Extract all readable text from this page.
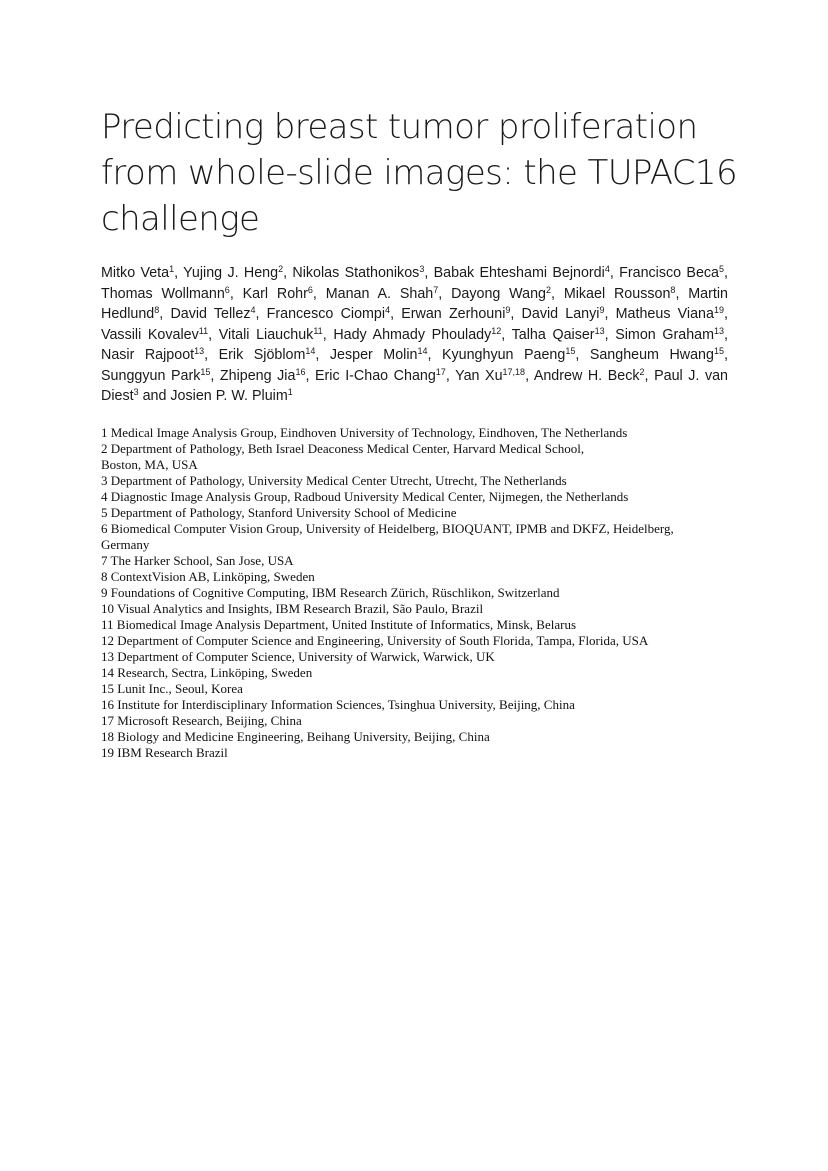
Predicting breast tumor proliferation from whole-slide images: the TUPAC16 challenge

Mitko Veta$^1$, Yujing J. Heng$^2$, Nikolas Stathonikos$^3$, Babak Ehteshami Bejnordi$^4$, Francisco Beca$^5$, Thomas Wollmann$^6$, Karl Rohr$^6$, Manan A. Shah$^7$, Dayong Wang$^2$, Mikael Rousson$^8$, Martin Hedlund$^8$, David Tellez$^4$, Francesco Ciompi$^4$, Erwan Zerhouni$^9$, David Lanyi$^9$, Matheus Viana$^{19}$, Vassili Kovalev$^{11}$, Vitali Liauchuk$^{11}$, Hady Ahmady Phoulady$^{12}$, Talha Qaiser$^{13}$, Simon Graham$^{13}$, Nasir Rajpoot$^{13}$, Erik Sjöblom$^{14}$, Jesper Molin$^{14}$, Kyunghyun Paeng$^{15}$, Sangheum Hwang$^{15}$, Sunggyun Park$^{15}$, Zhipeng Jia$^{16}$, Eric I-Chao Chang$^{17}$, Yan Xu$^{17,18}$, Andrew H. Beck$^2$, Paul J. van Diest$^3$ and Josien P. W. Pluim$^1$

1 Medical Image Analysis Group, Eindhoven University of Technology, Eindhoven, The Netherlands
2 Department of Pathology, Beth Israel Deaconess Medical Center, Harvard Medical School,
Boston, MA, USA
3 Department of Pathology, University Medical Center Utrecht, Utrecht, The Netherlands
4 Diagnostic Image Analysis Group, Radboud University Medical Center, Nijmegen, the Netherlands
5 Department of Pathology, Stanford University School of Medicine
6 Biomedical Computer Vision Group, University of Heidelberg, BIOQUANT, IPMB and DKFZ, Heidelberg,
Germany
7 The Harker School, San Jose, USA
8 ContextVision AB, Linköping, Sweden
9 Foundations of Cognitive Computing, IBM Research Zürich, Rüschlikon, Switzerland
10 Visual Analytics and Insights, IBM Research Brazil, São Paulo, Brazil
11 Biomedical Image Analysis Department, United Institute of Informatics, Minsk, Belarus
12 Department of Computer Science and Engineering, University of South Florida, Tampa, Florida, USA
13 Department of Computer Science, University of Warwick, Warwick, UK
14 Research, Sectra, Linköping, Sweden
15 Lunit Inc., Seoul, Korea
16 Institute for Interdisciplinary Information Sciences, Tsinghua University, Beijing, China
17 Microsoft Research, Beijing, China
18 Biology and Medicine Engineering, Beihang University, Beijing, China
19 IBM Research Brazil
